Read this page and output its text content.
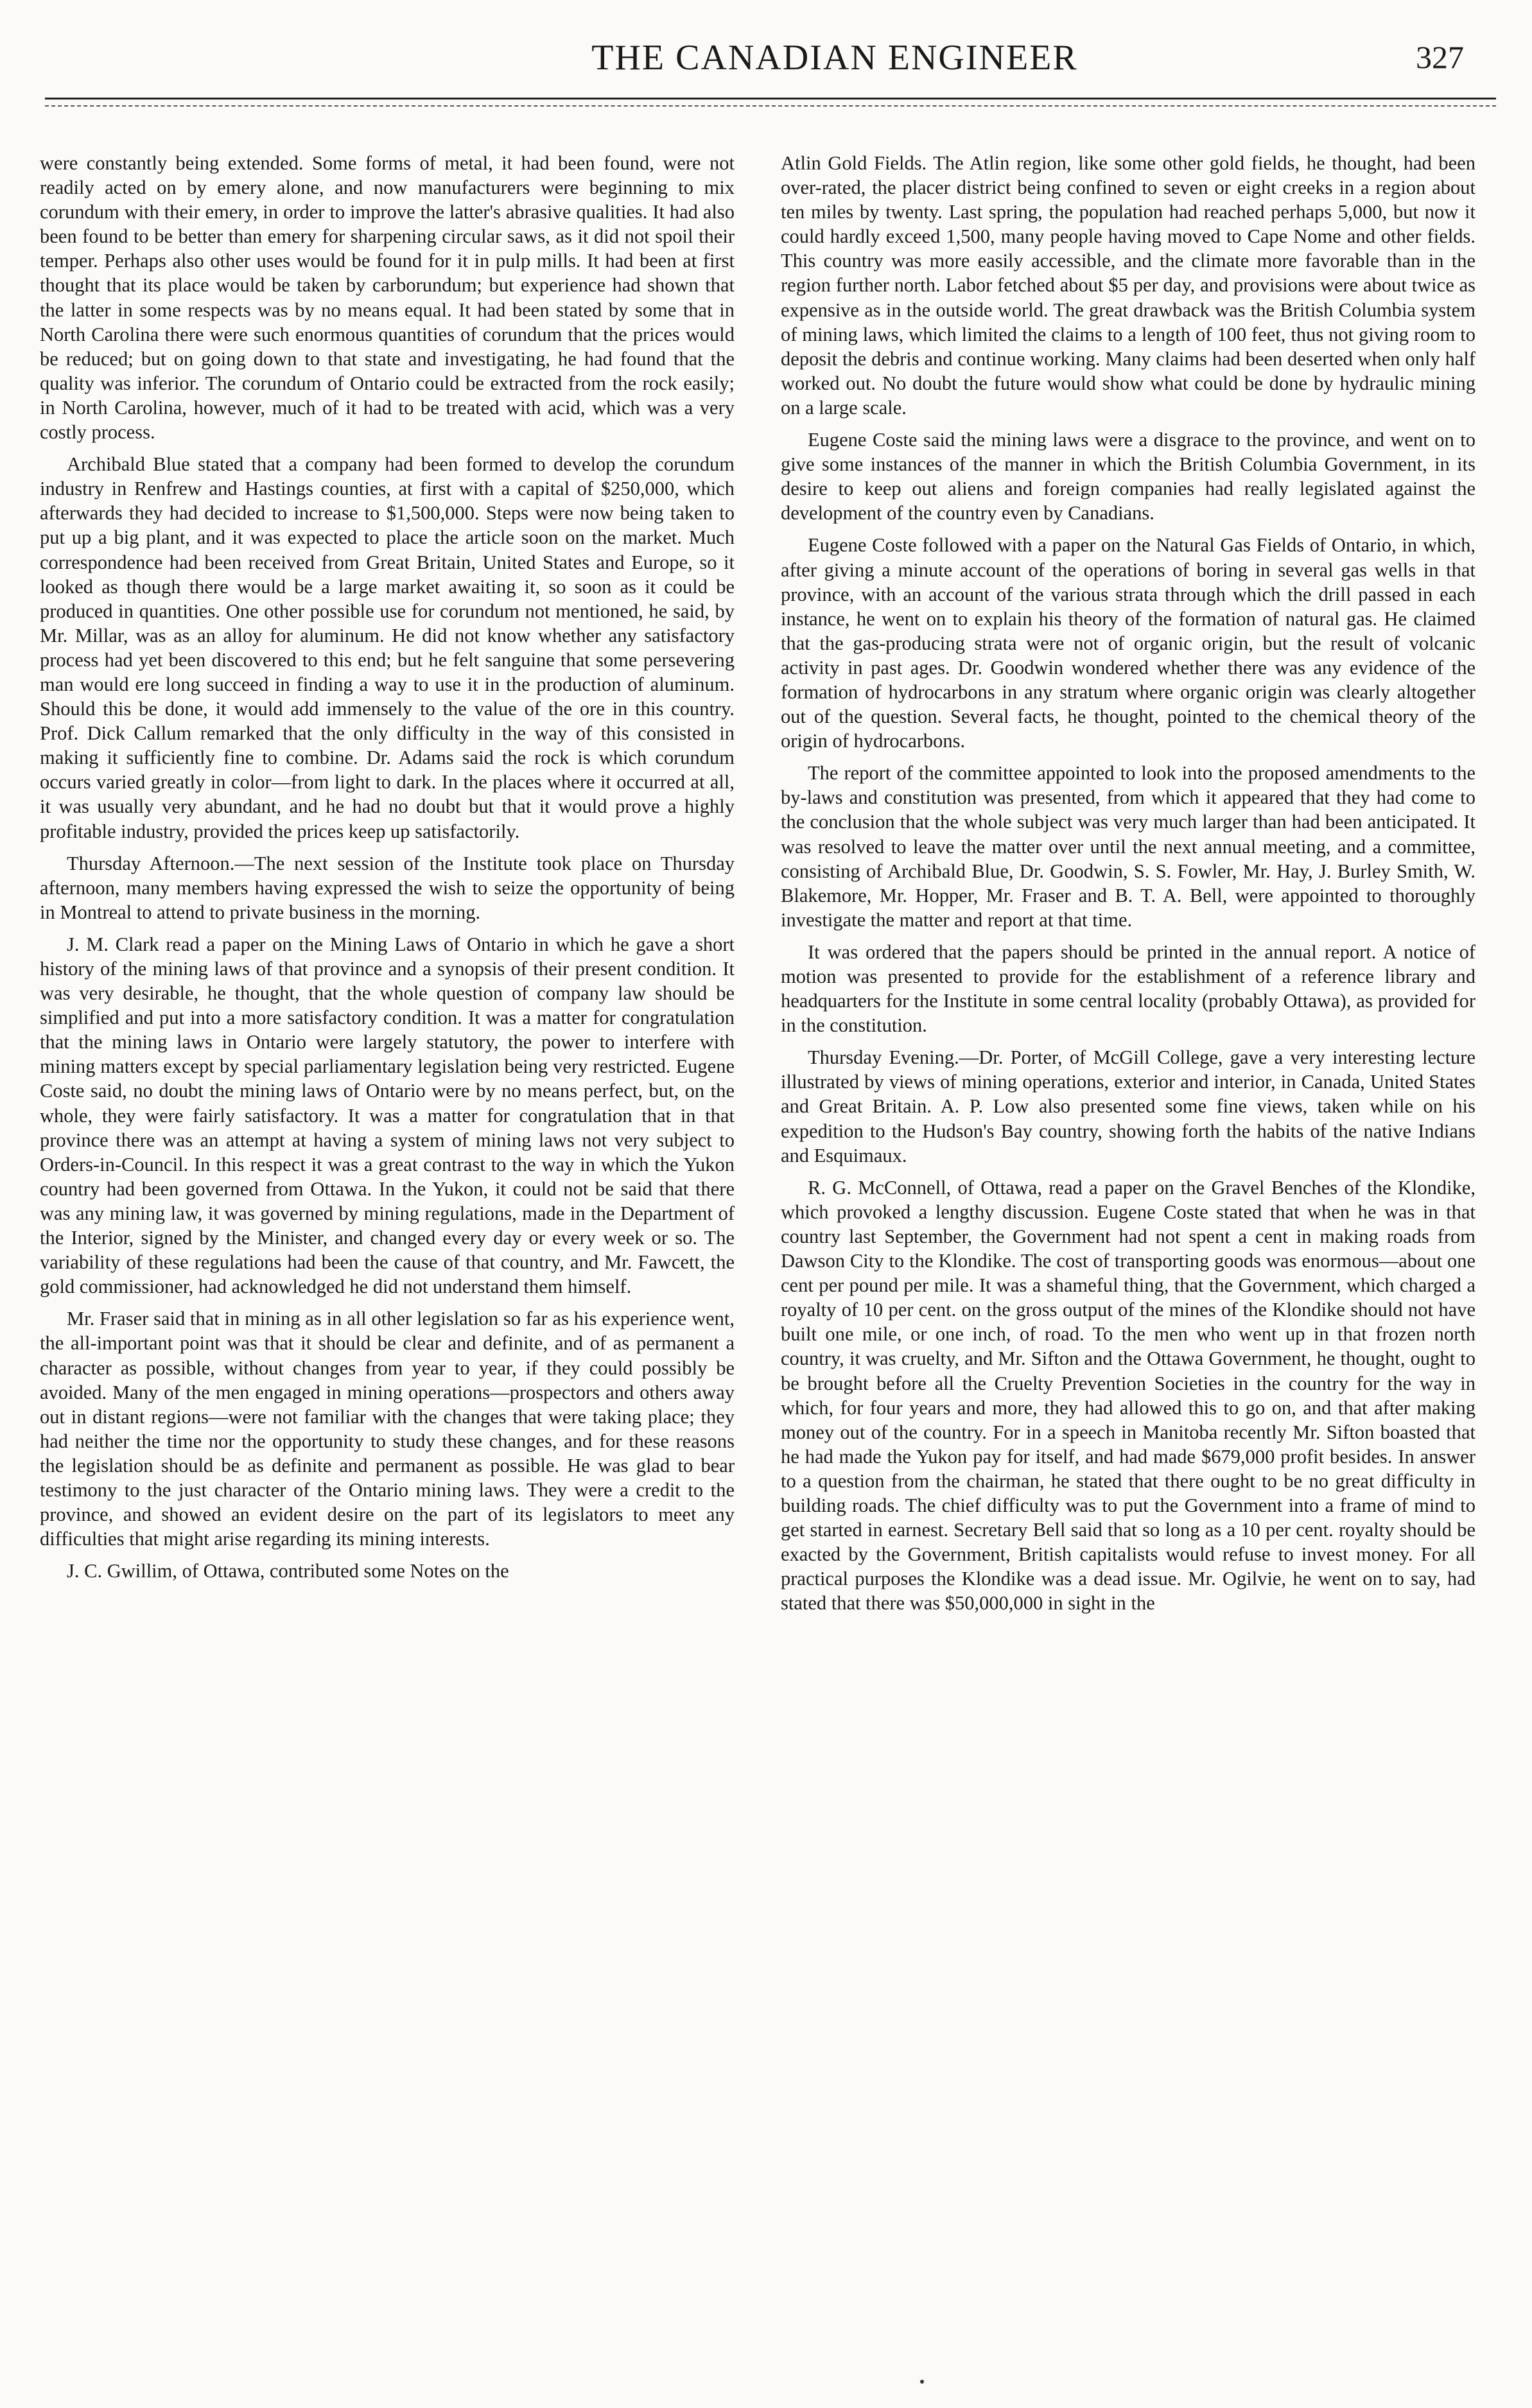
THE CANADIAN ENGINEER	327

were constantly being extended. Some forms of metal, it had been found, were not readily acted on by emery alone, and now manufacturers were beginning to mix corundum with their emery, in order to improve the latter's abrasive qualities. It had also been found to be better than emery for sharpening circular saws, as it did not spoil their temper. Perhaps also other uses would be found for it in pulp mills. It had been at first thought that its place would be taken by carborundum; but experience had shown that the latter in some respects was by no means equal. It had been stated by some that in North Carolina there were such enormous quantities of corundum that the prices would be reduced; but on going down to that state and investigating, he had found that the quality was inferior. The corundum of Ontario could be extracted from the rock easily; in North Carolina, however, much of it had to be treated with acid, which was a very costly process.

Archibald Blue stated that a company had been formed to develop the corundum industry in Renfrew and Hastings counties, at first with a capital of $250,000, which afterwards they had decided to increase to $1,500,000. Steps were now being taken to put up a big plant, and it was expected to place the article soon on the market. Much correspondence had been received from Great Britain, United States and Europe, so it looked as though there would be a large market awaiting it, so soon as it could be produced in quantities. One other possible use for corundum not mentioned, he said, by Mr. Millar, was as an alloy for aluminum. He did not know whether any satisfactory process had yet been discovered to this end; but he felt sanguine that some persevering man would ere long succeed in finding a way to use it in the production of aluminum. Should this be done, it would add immensely to the value of the ore in this country. Prof. Dick Callum remarked that the only difficulty in the way of this consisted in making it sufficiently fine to combine. Dr. Adams said the rock is which corundum occurs varied greatly in color—from light to dark. In the places where it occurred at all, it was usually very abundant, and he had no doubt but that it would prove a highly profitable industry, provided the prices keep up satisfactorily.

Thursday Afternoon.—The next session of the Institute took place on Thursday afternoon, many members having expressed the wish to seize the opportunity of being in Montreal to attend to private business in the morning.

J. M. Clark read a paper on the Mining Laws of Ontario in which he gave a short history of the mining laws of that province and a synopsis of their present condition. It was very desirable, he thought, that the whole question of company law should be simplified and put into a more satisfactory condition. It was a matter for congratulation that the mining laws in Ontario were largely statutory, the power to interfere with mining matters except by special parliamentary legislation being very restricted. Eugene Coste said, no doubt the mining laws of Ontario were by no means perfect, but, on the whole, they were fairly satisfactory. It was a matter for congratulation that in that province there was an attempt at having a system of mining laws not very subject to Orders-in-Council. In this respect it was a great contrast to the way in which the Yukon country had been governed from Ottawa. In the Yukon, it could not be said that there was any mining law, it was governed by mining regulations, made in the Department of the Interior, signed by the Minister, and changed every day or every week or so. The variability of these regulations had been the cause of that country, and Mr. Fawcett, the gold commissioner, had acknowledged he did not understand them himself.

Mr. Fraser said that in mining as in all other legislation so far as his experience went, the all-important point was that it should be clear and definite, and of as permanent a character as possible, without changes from year to year, if they could possibly be avoided. Many of the men engaged in mining operations—prospectors and others away out in distant regions—were not familiar with the changes that were taking place; they had neither the time nor the opportunity to study these changes, and for these reasons the legislation should be as definite and permanent as possible. He was glad to bear testimony to the just character of the Ontario mining laws. They were a credit to the province, and showed an evident desire on the part of its legislators to meet any difficulties that might arise regarding its mining interests.

J. C. Gwillim, of Ottawa, contributed some Notes on the

Atlin Gold Fields. The Atlin region, like some other gold fields, he thought, had been over-rated, the placer district being confined to seven or eight creeks in a region about ten miles by twenty. Last spring, the population had reached perhaps 5,000, but now it could hardly exceed 1,500, many people having moved to Cape Nome and other fields. This country was more easily accessible, and the climate more favorable than in the region further north. Labor fetched about $5 per day, and provisions were about twice as expensive as in the outside world. The great drawback was the British Columbia system of mining laws, which limited the claims to a length of 100 feet, thus not giving room to deposit the debris and continue working. Many claims had been deserted when only half worked out. No doubt the future would show what could be done by hydraulic mining on a large scale.

Eugene Coste said the mining laws were a disgrace to the province, and went on to give some instances of the manner in which the British Columbia Government, in its desire to keep out aliens and foreign companies had really legislated against the development of the country even by Canadians.

Eugene Coste followed with a paper on the Natural Gas Fields of Ontario, in which, after giving a minute account of the operations of boring in several gas wells in that province, with an account of the various strata through which the drill passed in each instance, he went on to explain his theory of the formation of natural gas. He claimed that the gas-producing strata were not of organic origin, but the result of volcanic activity in past ages. Dr. Goodwin wondered whether there was any evidence of the formation of hydrocarbons in any stratum where organic origin was clearly altogether out of the question. Several facts, he thought, pointed to the chemical theory of the origin of hydrocarbons.

The report of the committee appointed to look into the proposed amendments to the by-laws and constitution was presented, from which it appeared that they had come to the conclusion that the whole subject was very much larger than had been anticipated. It was resolved to leave the matter over until the next annual meeting, and a committee, consisting of Archibald Blue, Dr. Goodwin, S. S. Fowler, Mr. Hay, J. Burley Smith, W. Blakemore, Mr. Hopper, Mr. Fraser and B. T. A. Bell, were appointed to thoroughly investigate the matter and report at that time.

It was ordered that the papers should be printed in the annual report. A notice of motion was presented to provide for the establishment of a reference library and headquarters for the Institute in some central locality (probably Ottawa), as provided for in the constitution.

Thursday Evening.—Dr. Porter, of McGill College, gave a very interesting lecture illustrated by views of mining operations, exterior and interior, in Canada, United States and Great Britain. A. P. Low also presented some fine views, taken while on his expedition to the Hudson's Bay country, showing forth the habits of the native Indians and Esquimaux.

R. G. McConnell, of Ottawa, read a paper on the Gravel Benches of the Klondike, which provoked a lengthy discussion. Eugene Coste stated that when he was in that country last September, the Government had not spent a cent in making roads from Dawson City to the Klondike. The cost of transporting goods was enormous—about one cent per pound per mile. It was a shameful thing, that the Government, which charged a royalty of 10 per cent. on the gross output of the mines of the Klondike should not have built one mile, or one inch, of road. To the men who went up in that frozen north country, it was cruelty, and Mr. Sifton and the Ottawa Government, he thought, ought to be brought before all the Cruelty Prevention Societies in the country for the way in which, for four years and more, they had allowed this to go on, and that after making money out of the country. For in a speech in Manitoba recently Mr. Sifton boasted that he had made the Yukon pay for itself, and had made $679,000 profit besides. In answer to a question from the chairman, he stated that there ought to be no great difficulty in building roads. The chief difficulty was to put the Government into a frame of mind to get started in earnest. Secretary Bell said that so long as a 10 per cent. royalty should be exacted by the Government, British capitalists would refuse to invest money. For all practical purposes the Klondike was a dead issue. Mr. Ogilvie, he went on to say, had stated that there was $50,000,000 in sight in the
